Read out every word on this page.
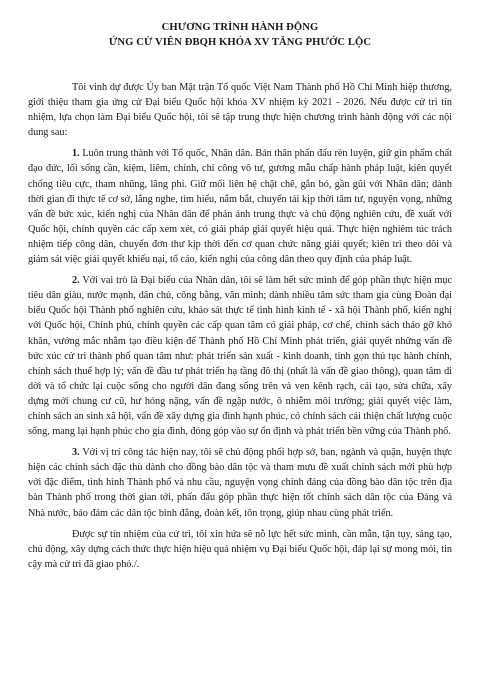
CHƯƠNG TRÌNH HÀNH ĐỘNG

ỨNG CỬ VIÊN ĐBQH KHÓA XV TĂNG PHƯỚC LỘC

Tôi vinh dự được Ủy ban Mặt trận Tổ quốc Việt Nam Thành phố Hồ Chí Minh hiệp thương, giới thiệu tham gia ứng cử Đại biểu Quốc hội khóa XV nhiệm kỳ 2021 - 2026. Nếu được cử tri tín nhiệm, lựa chọn làm Đại biểu Quốc hội, tôi sẽ tập trung thực hiện chương trình hành động với các nội dung sau:

1. Luôn trung thành với Tổ quốc, Nhân dân. Bản thân phấn đấu rèn luyện, giữ gìn phẩm chất đạo đức, lối sống cần, kiệm, liêm, chính, chí công vô tư, gương mẫu chấp hành pháp luật, kiên quyết chống tiêu cực, tham nhũng, lãng phí. Giữ mối liên hệ chặt chẽ, gắn bó, gần gũi với Nhân dân; dành thời gian đi thực tế cơ sở, lắng nghe, tìm hiểu, nắm bắt, chuyển tải kịp thời tâm tư, nguyện vọng, những vấn đề bức xúc, kiến nghị của Nhân dân để phản ánh trung thực và chủ động nghiên cứu, đề xuất với Quốc hội, chính quyền các cấp xem xét, có giải pháp giải quyết hiệu quả. Thực hiện nghiêm túc trách nhiệm tiếp công dân, chuyển đơn thư kịp thời đến cơ quan chức năng giải quyết; kiên trì theo dõi và giám sát việc giải quyết khiếu nại, tố cáo, kiến nghị của công dân theo quy định của pháp luật.

2. Với vai trò là Đại biểu của Nhân dân, tôi sẽ làm hết sức mình để góp phần thực hiện mục tiêu dân giàu, nước mạnh, dân chủ, công bằng, văn minh; dành nhiều tâm sức tham gia cùng Đoàn đại biểu Quốc hội Thành phố nghiên cứu, khảo sát thực tế tình hình kinh tế - xã hội Thành phố, kiến nghị với Quốc hội, Chính phủ, chính quyền các cấp quan tâm có giải pháp, cơ chế, chính sách tháo gỡ khó khăn, vướng mắc nhằm tạo điều kiện để Thành phố Hồ Chí Minh phát triển, giải quyết những vấn đề bức xúc cử tri thành phố quan tâm như: phát triển sản xuất - kinh doanh, tinh gọn thủ tục hành chính, chính sách thuế hợp lý; vấn đề đầu tư phát triển hạ tầng đô thị (nhất là vấn đề giao thông), quan tâm di dời và tổ chức lại cuộc sống cho người dân đang sống trên và ven kênh rạch, cải tạo, sửa chữa, xây dựng mới chung cư cũ, hư hỏng nặng, vấn đề ngập nước, ô nhiễm môi trường; giải quyết việc làm, chính sách an sinh xã hội, vấn đề xây dựng gia đình hạnh phúc, có chính sách cải thiện chất lượng cuộc sống, mang lại hạnh phúc cho gia đình, đóng góp vào sự ổn định và phát triển bền vững của Thành phố.

3. Với vị trí công tác hiện nay, tôi sẽ chủ động phối hợp sở, ban, ngành và quận, huyện thực hiện các chính sách đặc thù dành cho đồng bào dân tộc và tham mưu đề xuất chính sách mới phù hợp với đặc điểm, tình hình Thành phố và nhu cầu, nguyện vọng chính đáng của đồng bào dân tộc trên địa bàn Thành phố trong thời gian tới, phấn đấu góp phần thực hiện tốt chính sách dân tộc của Đảng và Nhà nước, bảo đảm các dân tộc bình đẳng, đoàn kết, tôn trọng, giúp nhau cùng phát triển.

Được sự tín nhiệm của cử tri, tôi xin hứa sẽ nỗ lực hết sức mình, cần mẫn, tận tụy, sáng tạo, chủ động, xây dựng cách thức thực hiện hiệu quả nhiệm vụ Đại biểu Quốc hội, đáp lại sự mong mỏi, tin cậy mà cử tri đã giao phó./.
